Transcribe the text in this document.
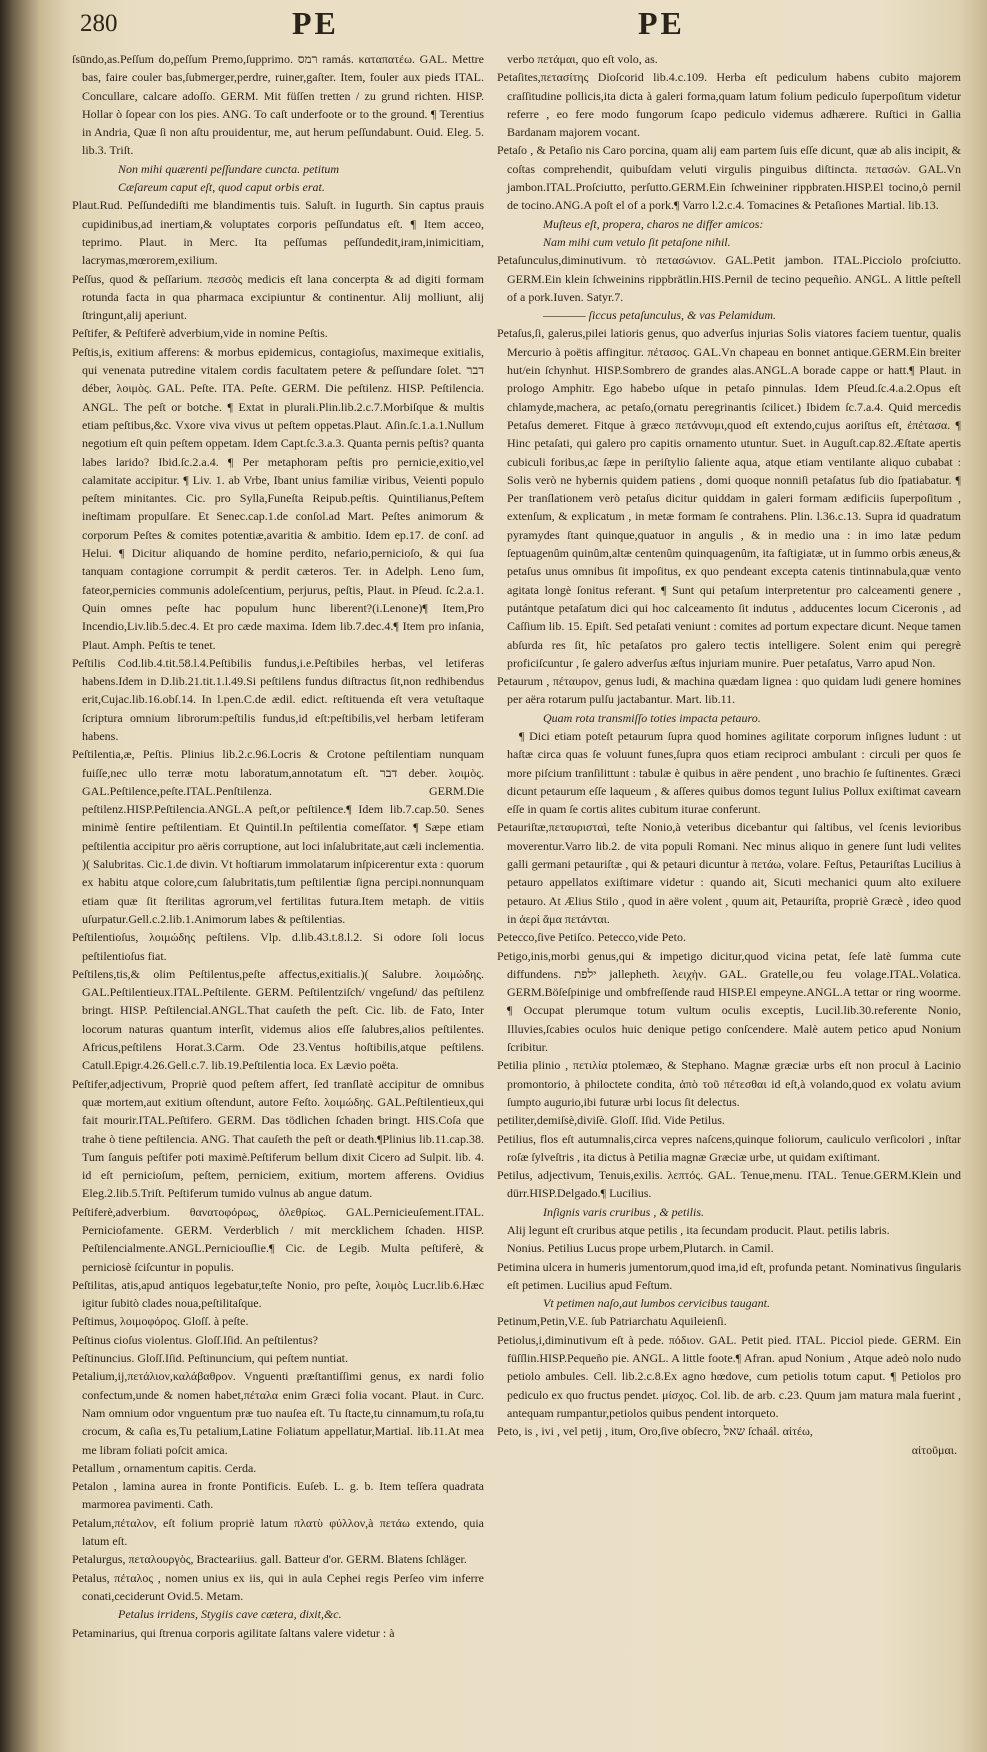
280	PE	PE

ſsūndo,as.Peſſum do,peſſum Premo,ſupprimo. רמס ramás. καταπατέω. GAL. Mettre bas, faire couler bas,ſubmerger,perdre, ruiner,gaſter. Item, fouler aux pieds ITAL. Concullare, calcare adoſſo. GERM. Mit füſſen tretten / zu grund richten. HISP. Hollar ò ſopear con los pies. ANG. To caſt underfoote or to the ground. ¶ Terentius in Andria, Quæ ſi non aſtu prouidentur, me, aut herum peſſundabunt. Ouid. Eleg. 5. lib.3. Triſt.

Non mihi quærenti peſſundare cuncta. petitum

Cæſareum caput eſt, quod caput orbis erat.

Plaut.Rud. Peſſundediſti me blandimentis tuis. Saluſt. in Iugurth. Sin captus prauis cupidinibus,ad inertiam,& voluptates corporis peſſundatus eſt. ¶ Item acceo, teprimo. Plaut. in Merc. Ita peſſumas peſſundedit,iram,inimicitiam, lacrymas,mœrorem,exilium.

Peſſus, quod & peſſarium. πεσσὸς medicis eſt lana concerpta & ad digiti formam rotunda facta in qua pharmaca excipiuntur & continentur. Alij molliunt, alij ſtringunt,alij aperiunt.

Peſtifer, & Peſtiferè adverbium,vide in nomine Peſtis.

Peſtis,is, exitium afferens: & morbus epidemicus, contagioſus, maximeque exitialis, qui venenata putredine vitalem cordis facultatem petere & peſſundare ſolet. דבר déber, λοιμὸς. GAL. Peſte. ITA. Peſte. GERM. Die peſtilenz. HISP. Peſtilencia. ANGL. The peſt or botche. ¶ Extat in plurali.Plin.lib.2.c.7.Morbiſque & multis etiam peſtibus,&c. Vxore viva vivus ut peſtem oppetas.Plaut. Aſin.ſc.1.a.1.Nullum negotium eſt quin peſtem oppetam. Idem Capt.ſc.3.a.3. Quanta pernis peſtis? quanta labes larido? Ibid.ſc.2.a.4. ¶ Per metaphoram peſtis pro pernicie,exitio,vel calamitate accipitur. ¶ Liv. 1. ab Vrbe, Ibant unius familiæ viribus, Veienti populo peſtem minitantes. Cic. pro Sylla,Funeſta Reipub.peſtis. Quintilianus,Peſtem ineſtimam propulſare. Et Senec.cap.1.de conſol.ad Mart. Peſtes animorum & corporum Peſtes & comites potentiæ,avaritia & ambitio. Idem ep.17. de conſ. ad Helui. ¶ Dicitur aliquando de homine perdito, nefario,pernicioſo, & qui ſua tanquam contagione corrumpit & perdit cæteros. Ter. in Adelph. Leno ſum, fateor,pernicies communis adoleſcentium, perjurus, peſtis, Plaut. in Pſeud. ſc.2.a.1. Quin omnes peſte hac populum hunc liberent?(i.Lenone)¶ Item,Pro Incendio,Liv.lib.5.dec.4. Et pro cæde maxima. Idem lib.7.dec.4.¶ Item pro inſania, Plaut. Amph. Peſtis te tenet.

Peſtilis Cod.lib.4.tit.58.l.4.Peſtibilis fundus,i.e.Peſtibiles herbas, vel letiferas habens.Idem in D.lib.21.tit.1.l.49.Si peſtilens fundus diſtractus ſit,non redhibendus erit,Cujac.lib.16.obſ.14. In l.pen.C.de ædil. edict. reſtituenda eſt vera vetuſtaque ſcriptura omnium librorum:peſtilis fundus,id eſt:peſtibilis,vel herbam letiferam habens.

Peſtilentia,æ, Peſtis. Plinius lib.2.c.96.Locris & Crotone peſtilentiam nunquam fuiſſe,nec ullo terræ motu laboratum,annotatum eſt. דבר deber. λοιμὸς. GAL.Peſtilence,peſte.ITAL.Penſtilenza. GERM.Die peſtilenz.HISP.Peſtilencia.ANGL.A peſt,or peſtilence.¶ Idem lib.7.cap.50. Senes minimè ſentire peſtilentiam. Et Quintil.In peſtilentia comeſſator. ¶ Sæpe etiam peſtilentia accipitur pro aëris corruptione, aut loci inſalubritate,aut cæli inclementia. )( Salubritas. Cic.1.de divin. Vt hoſtiarum immolatarum inſpicerentur exta : quorum ex habitu atque colore,cum ſalubritatis,tum peſtilentiæ ſigna percipi.nonnunquam etiam quæ ſit ſterilitas agrorum,vel fertilitas futura.Item metaph. de vitiis uſurpatur.Gell.c.2.lib.1.Animorum labes & peſtilentias.

Peſtilentioſus, λοιμώδης peſtilens. Vlp. d.lib.43.t.8.l.2. Si odore ſoli locus peſtilentioſus fiat.

Peſtilens,tis,& olim Peſtilentus,peſte affectus,exitialis.)( Salubre. λοιμώδης. GAL.Peſtilentieux.ITAL.Peſtilente. GERM. Peſtilentziſch/ vngeſund/ das peſtilenz bringt. HISP. Peſtilencial.ANGL.That cauſeth the peſt. Cic. lib. de Fato, Inter locorum naturas quantum interſit, videmus alios eſſe ſalubres,alios peſtilentes. Africus,peſtilens Horat.3.Carm. Ode 23.Ventus hoſtibilis,atque peſtilens. Catull.Epigr.4.26.Gell.c.7. lib.19.Peſtilentia loca. Ex Lævio poëta.

Peſtifer,adjectivum, Propriè quod peſtem affert, ſed tranſlatè accipitur de omnibus quæ mortem,aut exitium oſtendunt, autore Feſto. λοιμώδης. GAL.Peſtilentieux,qui fait mourir.ITAL.Peſtifero. GERM. Das tödlichen ſchaden bringt. HIS.Coſa que trahe ò tiene peſtilencia. ANG. That cauſeth the peſt or death.¶Plinius lib.11.cap.38. Tum ſanguis peſtifer poti maximè.Peſtiferum bellum dixit Cicero ad Sulpit. lib. 4. id eſt pernicioſum, peſtem, perniciem, exitium, mortem afferens. Ovidius Eleg.2.lib.5.Triſt. Peſtiferum tumido vulnus ab angue datum.

Peſtiferè,adverbium. θανατοφόρως, ὀλεθρίως. GAL.Pernicieuſement.ITAL. Perniciofamente. GERM. Verderblich / mit mercklichem ſchaden. HISP. Peſtilencialmente.ANGL.Perniciouſlie.¶ Cic. de Legib. Multa peſtiferè, & perniciosè ſciſcuntur in populis.

Peſtilitas, atis,apud antiquos legebatur,teſte Nonio, pro peſte, λοιμὸς Lucr.lib.6.Hæc igitur ſubitò clades noua,peſtilitaſque.

Peſtimus, λοιμοφόρος. Gloſſ. à peſte.

Peſtinus cioſus violentus. Gloſſ.Iſid. An peſtilentus?

Peſtinuncius. Gloſſ.Iſid. Peſtinuncium, qui peſtem nuntiat.

Petalium,ij,πετάλιον,καλάβαθρον. Vnguenti præſtantiſſimi genus, ex nardi folio confectum,unde & nomen habet,πέταλα enim Græci folia vocant. Plaut. in Curc. Nam omnium odor vnguentum præ tuo nauſea eſt. Tu ſtacte,tu cinnamum,tu roſa,tu crocum, & caſia es,Tu petalium,Latine Foliatum appellatur,Martial. lib.11.At mea me libram foliati poſcit amica.

Petallum , ornamentum capitis. Cerda.

Petalon , lamina aurea in fronte Pontificis. Euſeb. L. g. b. Item teſſera quadrata marmorea pavimenti. Cath.

Petalum,πέταλον, eſt folium propriè latum πλατὺ φύλλον,à πετάω extendo, quia latum eſt.

Petalurgus, πεταλουργὸς, Bracteariius. gall. Batteur d'or. GERM. Blatens ſchläger.

Petalus, πέταλος , nomen unius ex iis, qui in aula Cephei regis Perſeo vim inferre conati,ceciderunt Ovid.5. Metam.

Petalus irridens, Stygiis cave cætera, dixit,&c.

Petaminarius, qui ſtrenua corporis agilitate ſaltans valere videtur : à

verbo πετάμαι, quo eſt volo, as.

Petaſites,πετασίτης Dioſcorid lib.4.c.109. Herba eſt pediculum habens cubito majorem craſſitudine pollicis,ita dicta à galeri forma,quam latum folium pediculo ſuperpoſitum videtur referre , eo fere modo fungorum ſcapo pediculo videmus adhærere. Ruſtici in Gallia Bardanam majorem vocant.

Petaſo , & Petaſio nis Caro porcina, quam alij eam partem ſuis eſſe dicunt, quæ ab alis incipit, & coſtas comprehendit, quibuſdam veluti virgulis pinguibus diſtincta. πετασών. GAL.Vn jambon.ITAL.Proſciutto, perſutto.GERM.Ein ſchweininer rippbraten.HISP.El tocino,ò pernil de tocino.ANG.A poſt el of a pork.¶ Varro l.2.c.4. Tomacines & Petaſiones Martial. lib.13.

Muſteus eſt, propera, charos ne differ amicos:

Nam mihi cum vetulo ſit petaſone nihil.

Petaſunculus,diminutivum. τὸ πετασώνιον. GAL.Petit jambon. ITAL.Picciolo proſciutto. GERM.Ein klein ſchweinins rippbrätlin.HIS.Pernil de tecino pequeñio. ANGL. A little peſtell of a pork.Iuven. Satyr.7.

———— ſiccus petaſunculus, & vas Pelamidum.

Petaſus,ſi, galerus,pilei latioris genus, quo adverſus injurias Solis viatores faciem tuentur, qualis Mercurio à poëtis affingitur. πέτασος. GAL.Vn chapeau en bonnet antique.GERM.Ein breiter hut/ein ſchynhut. HISP.Sombrero de grandes alas.ANGL.A borade cappe or hatt.¶ Plaut. in prologo Amphitr. Ego habebo uſque in petaſo pinnulas. Idem Pſeud.ſc.4.a.2.Opus eſt chlamyde,machera, ac petaſo,(ornatu peregrinantis ſcilicet.) Ibidem ſc.7.a.4. Quid mercedis Petaſus demeret. Fitque à græco πετάννυμι,quod eſt extendo,cujus aoriſtus eſt, ἐπέτασα. ¶ Hinc petaſati, qui galero pro capitis ornamento utuntur. Suet. in Auguſt.cap.82.Æſtate apertis cubiculi foribus,ac ſæpe in periſtylio ſaliente aqua, atque etiam ventilante aliquo cubabat : Solis verò ne hybernis quidem patiens , domi quoque nonniſi petaſatus ſub dio ſpatiabatur. ¶ Per tranſlationem verò petaſus dicitur quiddam in galeri formam ædificiis ſuperpoſitum , extenſum, & explicatum , in metæ formam ſe contrahens. Plin. l.36.c.13. Supra id quadratum pyramydes ſtant quinque,quatuor in angulis , & in medio una : in imo latæ pedum ſeptuagenûm quinûm,altæ centenûm quinquagenûm, ita faſtigiatæ, ut in ſummo orbis æneus,& petaſus unus omnibus ſit impoſitus, ex quo pendeant excepta catenis tintinnabula,quæ vento agitata longè ſonitus referant. ¶ Sunt qui petaſum interpretentur pro calceamenti genere , putántque petaſatum dici qui hoc calceamento ſit indutus , adducentes locum Ciceronis , ad Caſſium lib. 15. Epiſt. Sed petaſati veniunt : comites ad portum expectare dicunt. Neque tamen abſurda res ſit, hîc petaſatos pro galero tectis intelligere. Solent enim qui peregrè proficiſcuntur , ſe galero adverſus æſtus injuriam munire. Puer petaſatus, Varro apud Non.

Petaurum , πέταυρον, genus ludi, & machina quædam lignea : quo quidam ludi genere homines per aëra rotarum pulſu jactabantur. Mart. lib.11.

Quam rota transmiſſo toties impacta petauro.

¶ Dici etiam poteſt petaurum ſupra quod homines agilitate corporum inſignes ludunt : ut haſtæ circa quas ſe voluunt funes,ſupra quos etiam reciproci ambulant : circuli per quos ſe more piſcium tranſilittunt : tabulæ è quibus in aëre pendent , uno brachio ſe ſuſtinentes. Græci dicunt petaurum eſſe laqueum , & aſſeres quibus domos tegunt Iulius Pollux exiſtimat cavearn eſſe in quam ſe cortis alites cubitum iturae conferunt.

Petauriſtæ,πεταυρισταὶ, teſte Nonio,à veteribus dicebantur qui ſaltibus, vel ſcenis levioribus moverentur.Varro lib.2. de vita populi Romani. Nec minus aliquo in genere ſunt ludi velites galli germani petauriſtæ , qui & petauri dicuntur à πετάω, volare. Feſtus, Petauriſtas Lucilius à petauro appellatos exiſtimare videtur : quando ait, Sicuti mechanici quum alto exiluere petauro. At Ælius Stilo , quod in aëre volent , quum ait, Petauriſta, propriè Græcè , ideo quod in ἀερί ἅμα πετάνται.

Petecco,ſive Petiſco. Petecco,vide Peto.

Petigo,inis,morbi genus,qui & impetigo dicitur,quod vicina petat, ſeſe latè ſumma cute diffundens. ילפת jallepheth. λειχὴν. GAL. Gratelle,ou feu volage.ITAL.Volatica. GERM.Böſeſpinige und ombfreſſende raud HISP.El empeyne.ANGL.A tettar or ring woorme. ¶ Occupat plerumque totum vultum oculis exceptis, Lucil.lib.30.referente Nonio, Illuvies,ſcabies oculos huic denique petigo conſcendere. Malè autem petico apud Nonium ſcribitur.

Petilia plinio , πετιλία ptolemæo, & Stephano. Magnæ græciæ urbs eſt non procul à Lacinio promontorio, à philoctete condita, ἀπὸ τοῦ πέτεσθαι id eſt,à volando,quod ex volatu avium ſumpto augurio,ibi futuræ urbi locus ſit delectus.

petiliter,demiſsè,diviſè. Gloſſ. Iſid. Vide Petilus.

Petilius, flos eſt autumnalis,circa vepres naſcens,quinque foliorum, cauliculo verſicolori , inſtar roſæ ſylveſtris , ita dictus à Petilia magnæ Græciæ urbe, ut quidam exiſtimant.

Petilus, adjectivum, Tenuis,exilis. λεπτός. GAL. Tenue,menu. ITAL. Tenue.GERM.Klein und dürr.HISP.Delgado.¶ Lucilius.

Inſignis varis cruribus , & petilis.

Alij legunt eſt cruribus atque petilis , ita ſecundam producit. Plaut. petilis labris.

Nonius. Petilius Lucus prope urbem,Plutarch. in Camil.

Petimina ulcera in humeris jumentorum,quod ima,id eſt, profunda petant. Nominativus ſingularis eſt petimen. Lucilius apud Feſtum.

Vt petimen naſo,aut lumbos cervicibus taugant.

Petinum,Petin,V.E. ſub Patriarchatu Aquileienſi.

Petiolus,i,diminutivum eſt à pede. πόδιον. GAL. Petit pied. ITAL. Picciol piede. GERM. Ein füſſlin.HISP.Pequeño pie. ANGL. A little foote.¶ Afran. apud Nonium , Atque adeò nolo nudo petiolo ambules. Cell. lib.2.c.8.Ex agno hœdove, cum petiolis totum caput. ¶ Petiolos pro pediculo ex quo fructus pendet. μίσχος. Col. lib. de arb. c.23. Quum jam matura mala fuerint , antequam rumpantur,petiolos quibus pendent intorqueto.

Peto, is , ivi , vel petij , itum, Oro,ſive obſecro, שאל ſchaál. αἰτέω,

αἰτοῦμαι.
